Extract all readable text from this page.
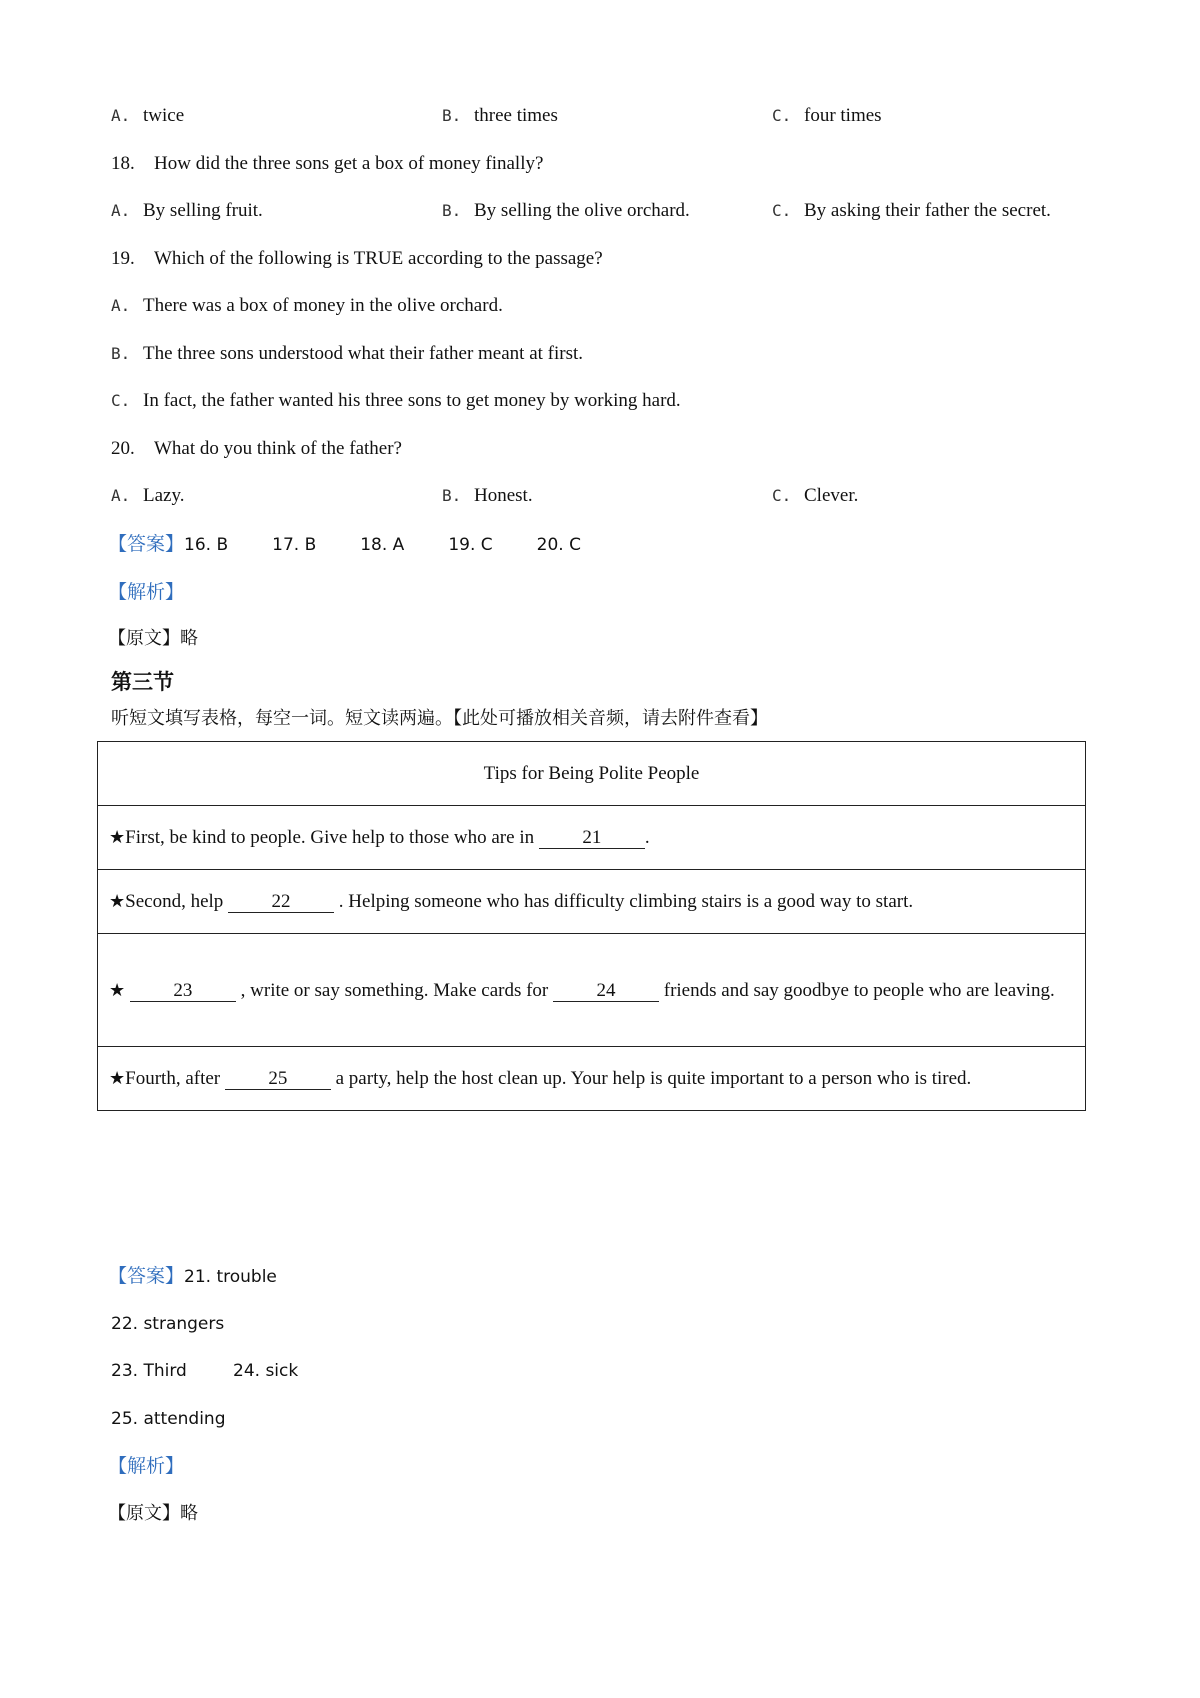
A. twice	B. three times	C. four times
18. How did the three sons get a box of money finally?
A. By selling fruit.	B. By selling the olive orchard.	C. By asking their father the secret.
19. Which of the following is TRUE according to the passage?
A. There was a box of money in the olive orchard.
B. The three sons understood what their father meant at first.
C. In fact, the father wanted his three sons to get money by working hard.
20. What do you think of the father?
A. Lazy.	B. Honest.	C. Clever.
【答案】16. B	17. B	18. A	19. C	20. C
【解析】
【原文】略
第三节
听短文填写表格，每空一词。短文读两遍。【此处可播放相关音频，请去附件查看】
Tips for Being Polite People
★First, be kind to people. Give help to those who are in	21 .
★Second, help	22	. Helping someone who has difficulty climbing stairs is a good way to start.
★	23	, write or say something. Make cards for	24	friends and say goodbye to people who are leaving.
★Fourth, after	25	a party, help the host clean up. Your help is quite important to a person who is tired.
【答案】21. trouble
22. strangers
23. Third	24. sick
25. attending
【解析】
【原文】略
